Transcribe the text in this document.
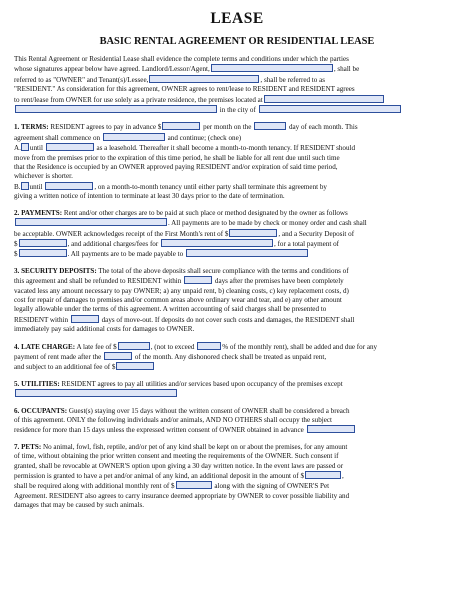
LEASE
BASIC RENTAL AGREEMENT OR RESIDENTIAL LEASE
This Rental Agreement or Residential Lease shall evidence the complete terms and conditions under which the parties
whose signatures appear below have agreed. Landlord/Lessor/Agent,	, shall be
referred to as "OWNER" and Tenant(s)/Lessee,	, shall be referred to as
"RESIDENT." As consideration for this agreement, OWNER agrees to rent/lease to RESIDENT and RESIDENT agrees
to rent/lease from OWNER for use solely as a private residence, the premises located at
in the city of
1. TERMS: RESIDENT agrees to pay in advance $	per month on the	day of each month. This
agreement shall commence on	and continue; (check one)
A. until	as a leasehold. Thereafter it shall become a month-to-month tenancy. If RESIDENT should
move from the premises prior to the expiration of this time period, he shall be liable for all rent due until such time
that the Residence is occupied by an OWNER approved paying RESIDENT and/or expiration of said time period,
whichever is shorter.
B. until	, on a month-to-month tenancy until either party shall terminate this agreement by
giving a written notice of intention to terminate at least 30 days prior to the date of termination.
2. PAYMENTS: Rent and/or other charges are to be paid at such place or method designated by the owner as follows
. All payments are to be made by check or money order and cash shall
be acceptable. OWNER acknowledges receipt of the First Month's rent of $	, and a Security Deposit of
$	, and additional charges/fees for	, for a total payment of
$	. All payments are to be made payable to
3. SECURITY DEPOSITS: The total of the above deposits shall secure compliance with the terms and conditions of
this agreement and shall be refunded to RESIDENT within	days after the premises have been completely
vacated less any amount necessary to pay OWNER; a) any unpaid rent, b) cleaning costs, c) key replacement costs, d)
cost for repair of damages to premises and/or common areas above ordinary wear and tear, and e) any other amount
legally allowable under the terms of this agreement. A written accounting of said charges shall be presented to
RESIDENT within	days of move-out. If deposits do not cover such costs and damages, the RESIDENT shall
immediately pay said additional costs for damages to OWNER.
4. LATE CHARGE: A late fee of $	, (not to exceed	% of the monthly rent), shall be added and due for any
payment of rent made after the	of the month. Any dishonored check shall be treated as unpaid rent,
and subject to an additional fee of $
5. UTILITIES: RESIDENT agrees to pay all utilities and/or services based upon occupancy of the premises except
6. OCCUPANTS: Guest(s) staying over 15 days without the written consent of OWNER shall be considered a breach
of this agreement. ONLY the following individuals and/or animals, AND NO OTHERS shall occupy the subject
residence for more than 15 days unless the expressed written consent of OWNER obtained in advance
7. PETS: No animal, fowl, fish, reptile, and/or pet of any kind shall be kept on or about the premises, for any amount
of time, without obtaining the prior written consent and meeting the requirements of the OWNER. Such consent if
granted, shall be revocable at OWNER'S option upon giving a 30 day written notice. In the event laws are passed or
permission is granted to have a pet and/or animal of any kind, an additional deposit in the amount of $	,
shall be required along with additional monthly rent of $	along with the signing of OWNER'S Pet
Agreement. RESIDENT also agrees to carry insurance deemed appropriate by OWNER to cover possible liability and
damages that may be caused by such animals.
